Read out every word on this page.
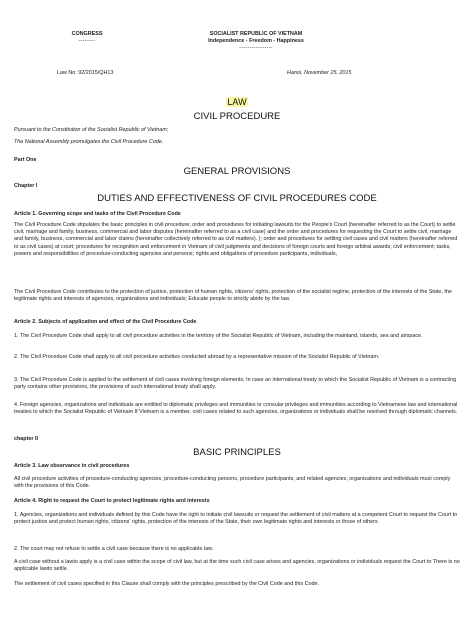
CONGRESS
--------
SOCIALIST REPUBLIC OF VIETNAM
Independence - Freedom - Happiness
----------------
Law No: 92/2015/QH13	Hanoi, November 25, 2015
LAW
CIVIL PROCEDURE

Pursuant to the Constitution of the Socialist Republic of Vietnam;

The National Assembly promulgates the Civil Procedure Code.

Part One
GENERAL PROVISIONS
Chapter I
DUTIES AND EFFECTIVENESS OF CIVIL PROCEDURES CODE
Article 1. Governing scope and tasks of the Civil Procedure Code
The Civil Procedure Code stipulates the basic principles in civil procedure; order and procedures for initiating lawsuits for the People's Court (hereinafter referred to as the Court) to settle civil, marriage and family, business, commercial and labor disputes (hereinafter referred to as a civil case) and the order and procedures for requesting the Court to settle civil, marriage and family, business, commercial and labor claims (hereinafter collectively referred to as civil matters). ); order and procedures for settling civil cases and civil matters (hereinafter referred to as civil cases) at court; procedures for recognition and enforcement in Vietnam of civil judgments and decisions of foreign courts and foreign arbitral awards; civil enforcement; tasks, powers and responsibilities of procedure-conducting agencies and persons; rights and obligations of procedure participants, individuals,
The Civil Procedure Code contributes to the protection of justice, protection of human rights, citizens' rights, protection of the socialist regime, protection of the interests of the State, the legitimate rights and interests of agencies, organizations and individuals; Educate people to strictly abide by the law.
Article 2. Subjects of application and effect of the Civil Procedure Code
1. The Civil Procedure Code shall apply to all civil procedure activities in the territory of the Socialist Republic of Vietnam, including the mainland, islands, sea and airspace.
2. The Civil Procedure Code shall apply to all civil procedure activities conducted abroad by a representative mission of the Socialist Republic of Vietnam.
3. The Civil Procedure Code is applied to the settlement of civil cases involving foreign elements; In case an international treaty to which the Socialist Republic of Vietnam is a contracting party contains other provisions, the provisions of such international treaty shall apply.
4. Foreign agencies, organizations and individuals are entitled to diplomatic privileges and immunities or consular privileges and immunities according to Vietnamese law and international treaties to which the Socialist Republic of Vietnam If Vietnam is a member, civil cases related to such agencies, organizations or individuals shall be resolved through diplomatic channels.
chapter II
BASIC PRINCIPLES
Article 3. Law observance in civil procedures
All civil procedure activities of procedure-conducting agencies, procedure-conducting persons, procedure participants, and related agencies, organizations and individuals must comply with the provisions of this Code.
Article 4. Right to request the Court to protect legitimate rights and interests
1. Agencies, organizations and individuals defined by this Code have the right to initiate civil lawsuits or request the settlement of civil matters at a competent Court to request the Court to protect justice and protect human rights, citizens' rights, protection of the interests of the State, their own legitimate rights and interests or those of others.
2. The court may not refuse to settle a civil case because there is no applicable law.
A civil case without a lawto apply is a civil case within the scope of civil law, but at the time such civil case arises and agencies, organizations or individuals request the Court to There is no applicable lawto settle.
The settlement of civil cases specified in this Clause shall comply with the principles prescribed by the Civil Code and this Code.
